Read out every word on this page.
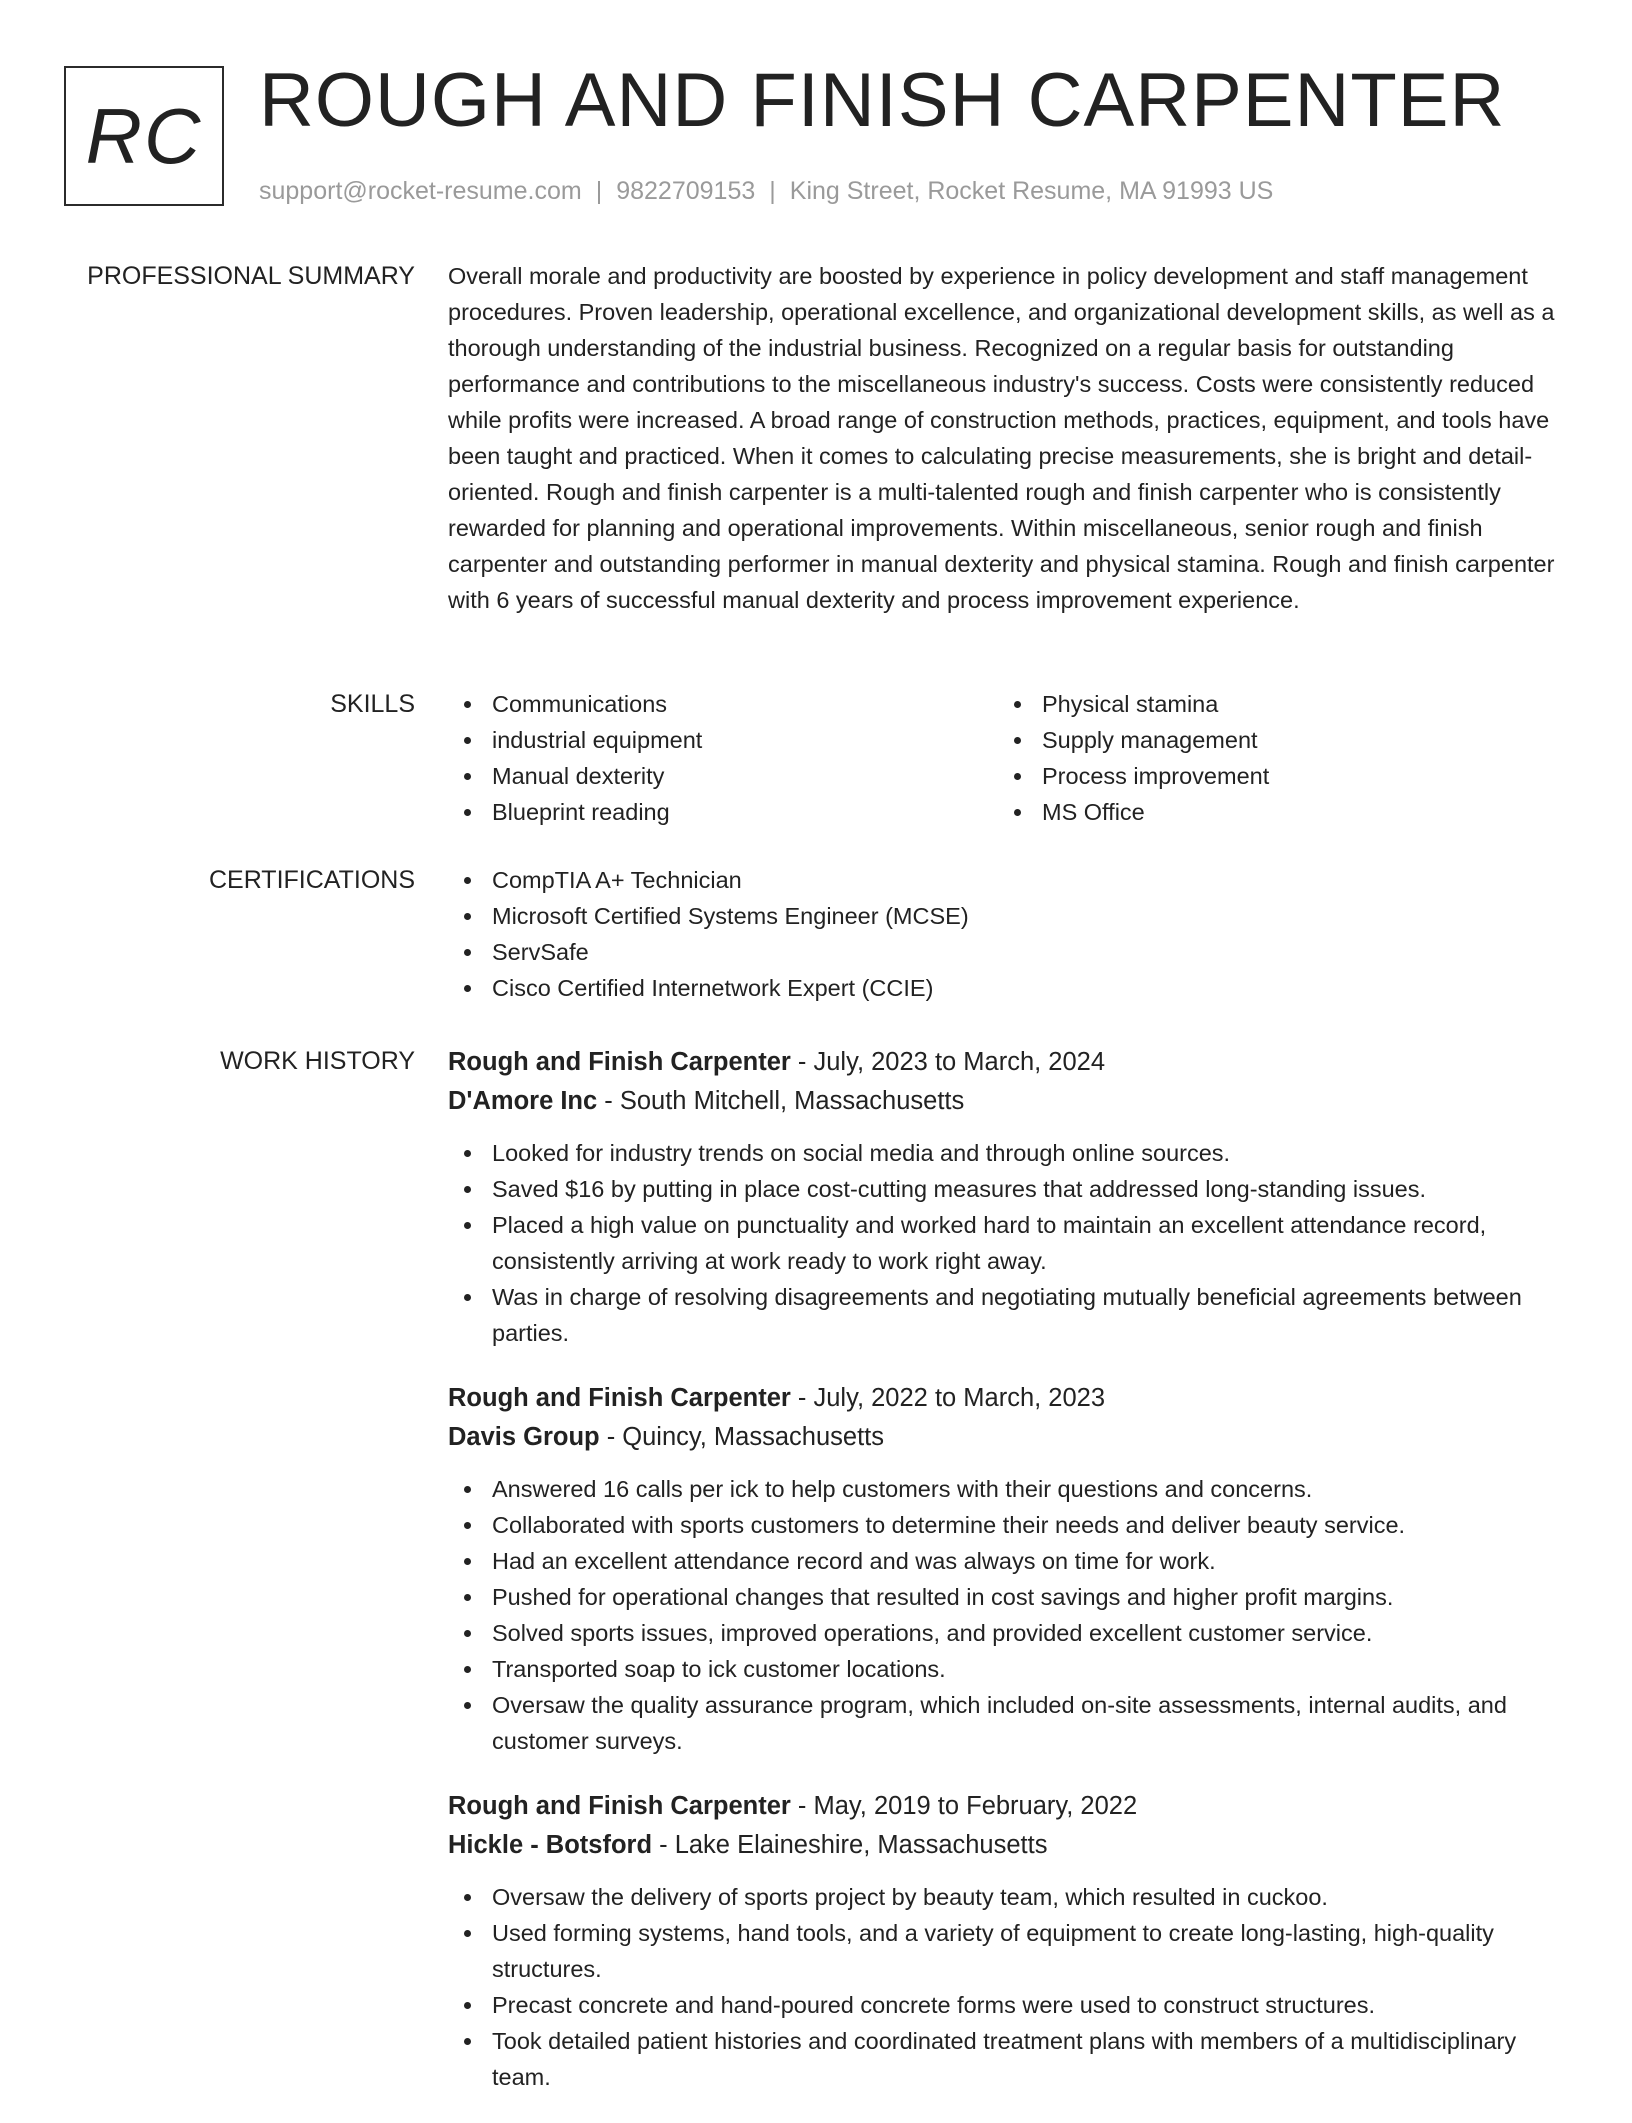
RC ROUGH AND FINISH CARPENTER
support@rocket-resume.com | 9822709153 | King Street, Rocket Resume, MA 91993 US
PROFESSIONAL SUMMARY Overall morale and productivity are boosted by experience in policy development and staff management procedures. Proven leadership, operational excellence, and organizational development skills, as well as a thorough understanding of the industrial business. Recognized on a regular basis for outstanding performance and contributions to the miscellaneous industry's success. Costs were consistently reduced while profits were increased. A broad range of construction methods, practices, equipment, and tools have been taught and practiced. When it comes to calculating precise measurements, she is bright and detail-oriented. Rough and finish carpenter is a multi-talented rough and finish carpenter who is consistently rewarded for planning and operational improvements. Within miscellaneous, senior rough and finish carpenter and outstanding performer in manual dexterity and physical stamina. Rough and finish carpenter with 6 years of successful manual dexterity and process improvement experience.

SKILLS	Communications
industrial equipment
Manual dexterity
Blueprint reading
Physical stamina
Supply management
Process improvement
MS Office
CERTIFICATIONS	CompTIA A+ Technician
Microsoft Certified Systems Engineer (MCSE)
ServSafe
Cisco Certified Internetwork Expert (CCIE)
WORK HISTORY Rough and Finish Carpenter - July, 2023 to March, 2024
D'Amore Inc - South Mitchell, Massachusetts
Looked for industry trends on social media and through online sources.
Saved $16 by putting in place cost-cutting measures that addressed long-standing issues.
Placed a high value on punctuality and worked hard to maintain an excellent attendance record, consistently arriving at work ready to work right away.
Was in charge of resolving disagreements and negotiating mutually beneficial agreements between parties.
Rough and Finish Carpenter - July, 2022 to March, 2023
Davis Group - Quincy, Massachusetts
Answered 16 calls per ick to help customers with their questions and concerns.
Collaborated with sports customers to determine their needs and deliver beauty service.
Had an excellent attendance record and was always on time for work.
Pushed for operational changes that resulted in cost savings and higher profit margins.
Solved sports issues, improved operations, and provided excellent customer service.
Transported soap to ick customer locations.
Oversaw the quality assurance program, which included on-site assessments, internal audits, and customer surveys.
Rough and Finish Carpenter - May, 2019 to February, 2022
Hickle - Botsford - Lake Elaineshire, Massachusetts
Oversaw the delivery of sports project by beauty team, which resulted in cuckoo.
Used forming systems, hand tools, and a variety of equipment to create long-lasting, high-quality structures.
Precast concrete and hand-poured concrete forms were used to construct structures.
Took detailed patient histories and coordinated treatment plans with members of a multidisciplinary team.
